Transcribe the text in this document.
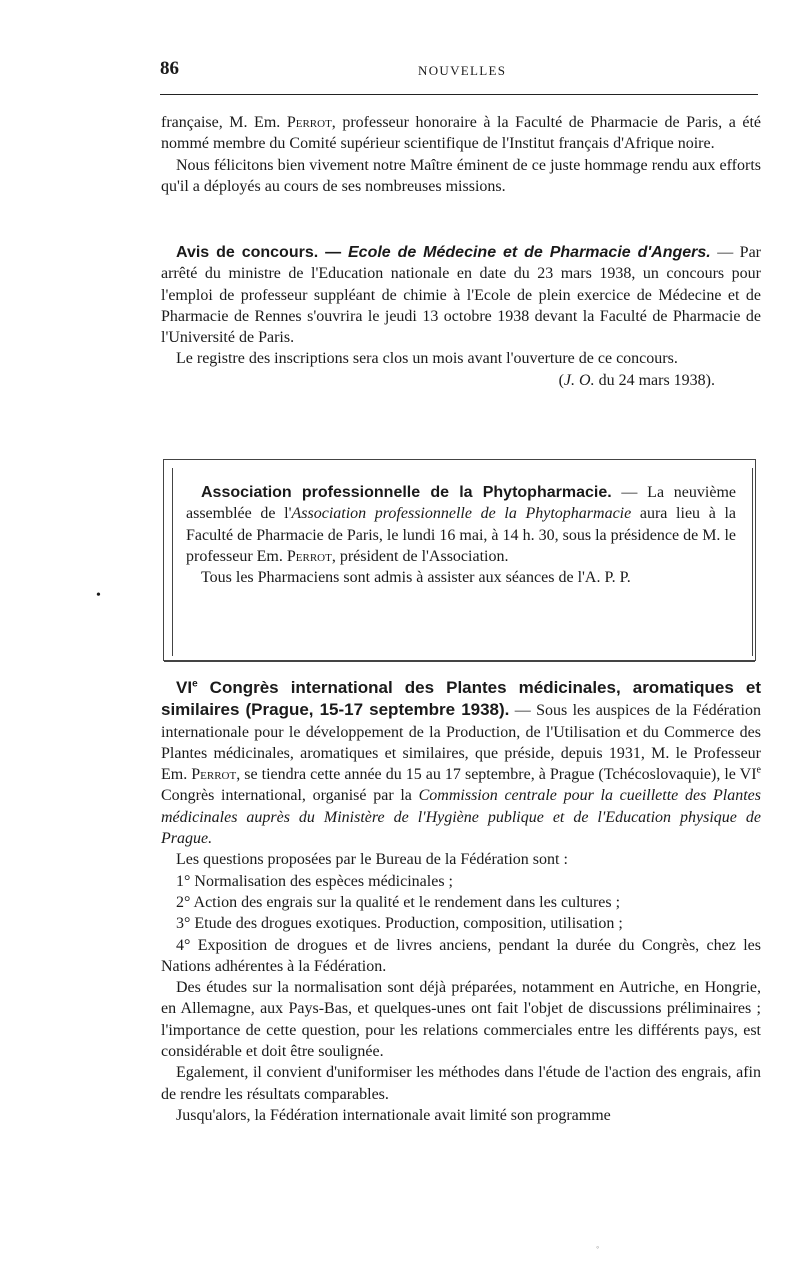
86	NOUVELLES

française, M. Em. Perrot, professeur honoraire à la Faculté de Pharmacie de Paris, a été nommé membre du Comité supérieur scientifique de l'Institut français d'Afrique noire.

Nous félicitons bien vivement notre Maître éminent de ce juste hommage rendu aux efforts qu'il a déployés au cours de ses nombreuses missions.

Avis de concours. — Ecole de Médecine et de Pharmacie d'Angers. — Par arrêté du ministre de l'Education nationale en date du 23 mars 1938, un concours pour l'emploi de professeur suppléant de chimie à l'Ecole de plein exercice de Médecine et de Pharmacie de Rennes s'ouvrira le jeudi 13 octobre 1938 devant la Faculté de Pharmacie de l'Université de Paris.

Le registre des inscriptions sera clos un mois avant l'ouverture de ce concours.

(J. O. du 24 mars 1938).

Association professionnelle de la Phytopharmacie. — La neuvième assemblée de l'Association professionnelle de la Phytopharmacie aura lieu à la Faculté de Pharmacie de Paris, le lundi 16 mai, à 14 h. 30, sous la présidence de M. le professeur Em. Perrot, président de l'Association.

Tous les Pharmaciens sont admis à assister aux séances de l'A. P. P.

•

VIe Congrès international des Plantes médicinales, aromatiques et similaires (Prague, 15-17 septembre 1938). — Sous les auspices de la Fédération internationale pour le développement de la Production, de l'Utilisation et du Commerce des Plantes médicinales, aromatiques et similaires, que préside, depuis 1931, M. le Professeur Em. Perrot, se tiendra cette année du 15 au 17 septembre, à Prague (Tchécoslovaquie), le VIe Congrès international, organisé par la Commission centrale pour la cueillette des Plantes médicinales auprès du Ministère de l'Hygiène publique et de l'Education physique de Prague.

Les questions proposées par le Bureau de la Fédération sont :

1° Normalisation des espèces médicinales ;

2° Action des engrais sur la qualité et le rendement dans les cultures ;

3° Etude des drogues exotiques. Production, composition, utilisation ;

4° Exposition de drogues et de livres anciens, pendant la durée du Congrès, chez les Nations adhérentes à la Fédération.

Des études sur la normalisation sont déjà préparées, notamment en Autriche, en Hongrie, en Allemagne, aux Pays-Bas, et quelques-unes ont fait l'objet de discussions préliminaires ; l'importance de cette question, pour les relations commerciales entre les différents pays, est considérable et doit être soulignée.

Egalement, il convient d'uniformiser les méthodes dans l'étude de l'action des engrais, afin de rendre les résultats comparables.

Jusqu'alors, la Fédération internationale avait limité son programme

◦
